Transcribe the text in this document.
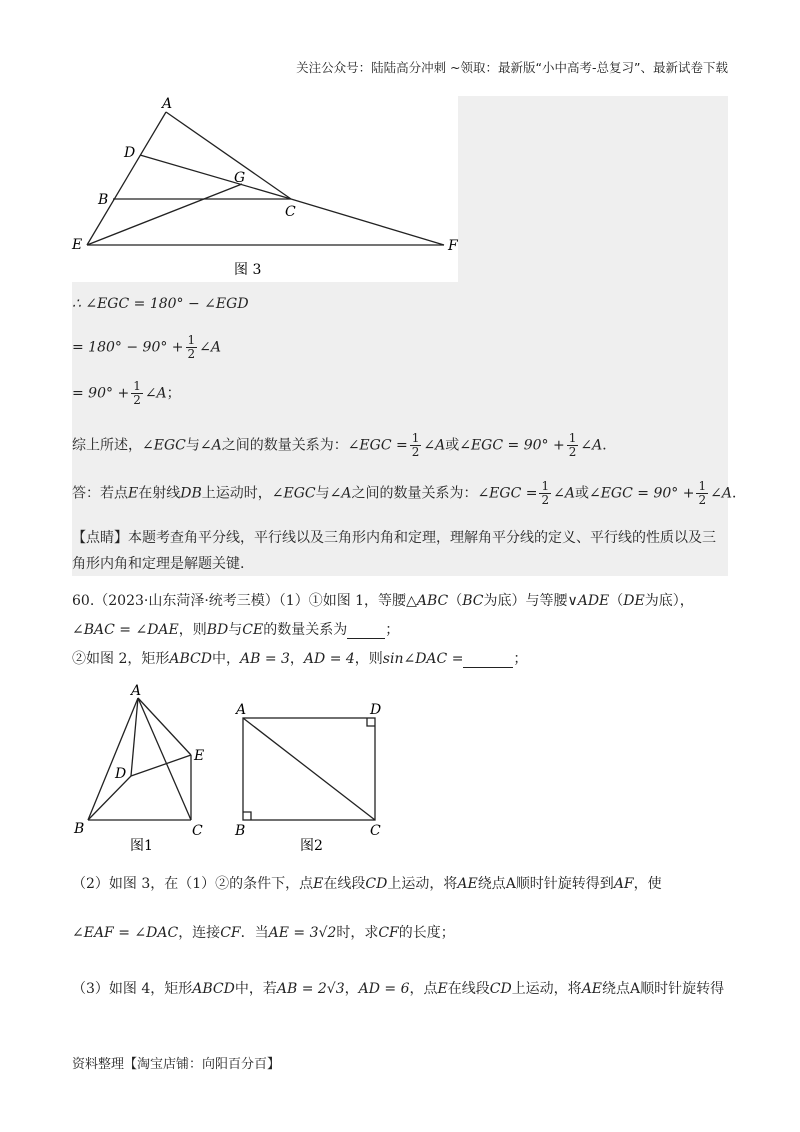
关注公众号：陆陆高分冲刺 ~领取：最新版“小中高考-总复习”、最新试卷下载
A
D
G
B
C
E	F
图 3
∴ ∠EGC = 180° − ∠EGD
= $180^\circ - 90^\circ + \frac{1}{2}$ ∠A
= $90^\circ + \frac{1}{2}$ ∠A；
综上所述，∠EGC与∠A之间的数量关系为：∠EGC = $\frac{1}{2}$ ∠A或∠EGC = $90^\circ + \frac{1}{2}$ ∠A．
答：若点E在射线DB上运动时，∠EGC与∠A之间的数量关系为：∠EGC = $\frac{1}{2}$ ∠A或∠EGC = $90^\circ + \frac{1}{2}$ ∠A．
【点睛】本题考查角平分线，平行线以及三角形内角和定理，理解角平分线的定义、平行线的性质以及三
角形内角和定理是解题关键.
60.（2023·山东菏泽·统考三模）（1）①如图 1，等腰△ABC（BC为底）与等腰∨ADE（DE为底），
∠BAC = ∠DAE，则BD与CE的数量关系为	；
②如图 2，矩形ABCD中，AB = 3，AD = 4，则sin∠DAC =	；
A
D
E
B	C
图1
A	D
B	C
图2
（2）如图 3，在（1）②的条件下，点E在线段CD上运动，将AE绕点A顺时针旋转得到AF，使
∠EAF = ∠DAC，连接CF．当AE = 3√2时，求CF的长度；
（3）如图 4，矩形ABCD中，若AB = 2√3，AD = 6，点E在线段CD上运动，将AE绕点A顺时针旋转得
资料整理【淘宝店铺：向阳百分百】
